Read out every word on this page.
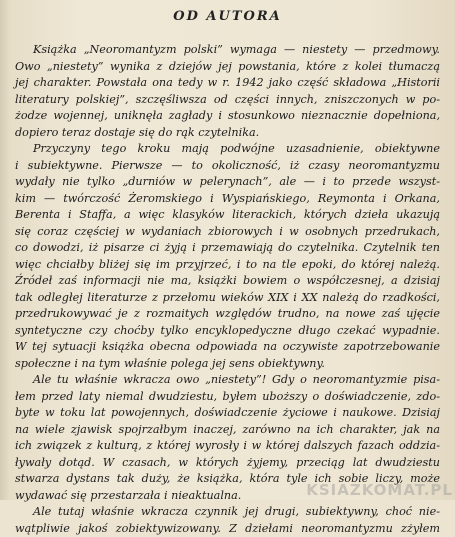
OD AUTORA
Książka „Neoromantyzm polski” wymaga — niestety — przedmowy.
Owo „niestety” wynika z dziejów jej powstania, które z kolei tłumaczą
jej charakter. Powstała ona tedy w r. 1942 jako część składowa „Historii
literatury polskiej”, szczęśliwsza od części innych, zniszczonych w po-
żodze wojennej, uniknęła zagłady i stosunkowo nieznacznie dopełniona,
dopiero teraz dostaje się do rąk czytelnika.
Przyczyny tego kroku mają podwójne uzasadnienie, obiektywne
i subiektywne. Pierwsze — to okoliczność, iż czasy neoromantyzmu
wydały nie tylko „durniów w pelerynach”, ale — i to przede wszyst-
kim — twórczość Żeromskiego i Wyspiańskiego, Reymonta i Orkana,
Berenta i Staffa, a więc klasyków literackich, których dzieła ukazują
się coraz częściej w wydaniach zbiorowych i w osobnych przedrukach,
co dowodzi, iż pisarze ci żyją i przemawiają do czytelnika. Czytelnik ten
więc chciałby bliżej się im przyjrzeć, i to na tle epoki, do której należą.
Źródeł zaś informacji nie ma, książki bowiem o współczesnej, a dzisiaj
tak odległej literaturze z przełomu wieków XIX i XX należą do rzadkości,
przedrukowywać je z rozmaitych względów trudno, na nowe zaś ujęcie
syntetyczne czy choćby tylko encyklopedyczne długo czekać wypadnie.
W tej sytuacji książka obecna odpowiada na oczywiste zapotrzebowanie
społeczne i na tym właśnie polega jej sens obiektywny.
Ale tu właśnie wkracza owo „niestety”! Gdy o neoromantyzmie pisa-
łem przed laty niemal dwudziestu, byłem uboższy o doświadczenie, zdo-
byte w toku lat powojennych, doświadczenie życiowe i naukowe. Dzisiaj
na wiele zjawisk spojrzałbym inaczej, zarówno na ich charakter, jak na
ich związek z kulturą, z której wyrosły i w której dalszych fazach oddzia-
ływały dotąd. W czasach, w których żyjemy, przeciąg lat dwudziestu
stwarza dystans tak duży, że książka, która tyle ich sobie liczy, może
wydawać się przestarzała i nieaktualna.
Ale tutaj właśnie wkracza czynnik jej drugi, subiektywny, choć nie-
wątpliwie jakoś zobiektywizowany. Z dziełami neoromantyzmu zżyłem
KSIAZKOMAT.PL
